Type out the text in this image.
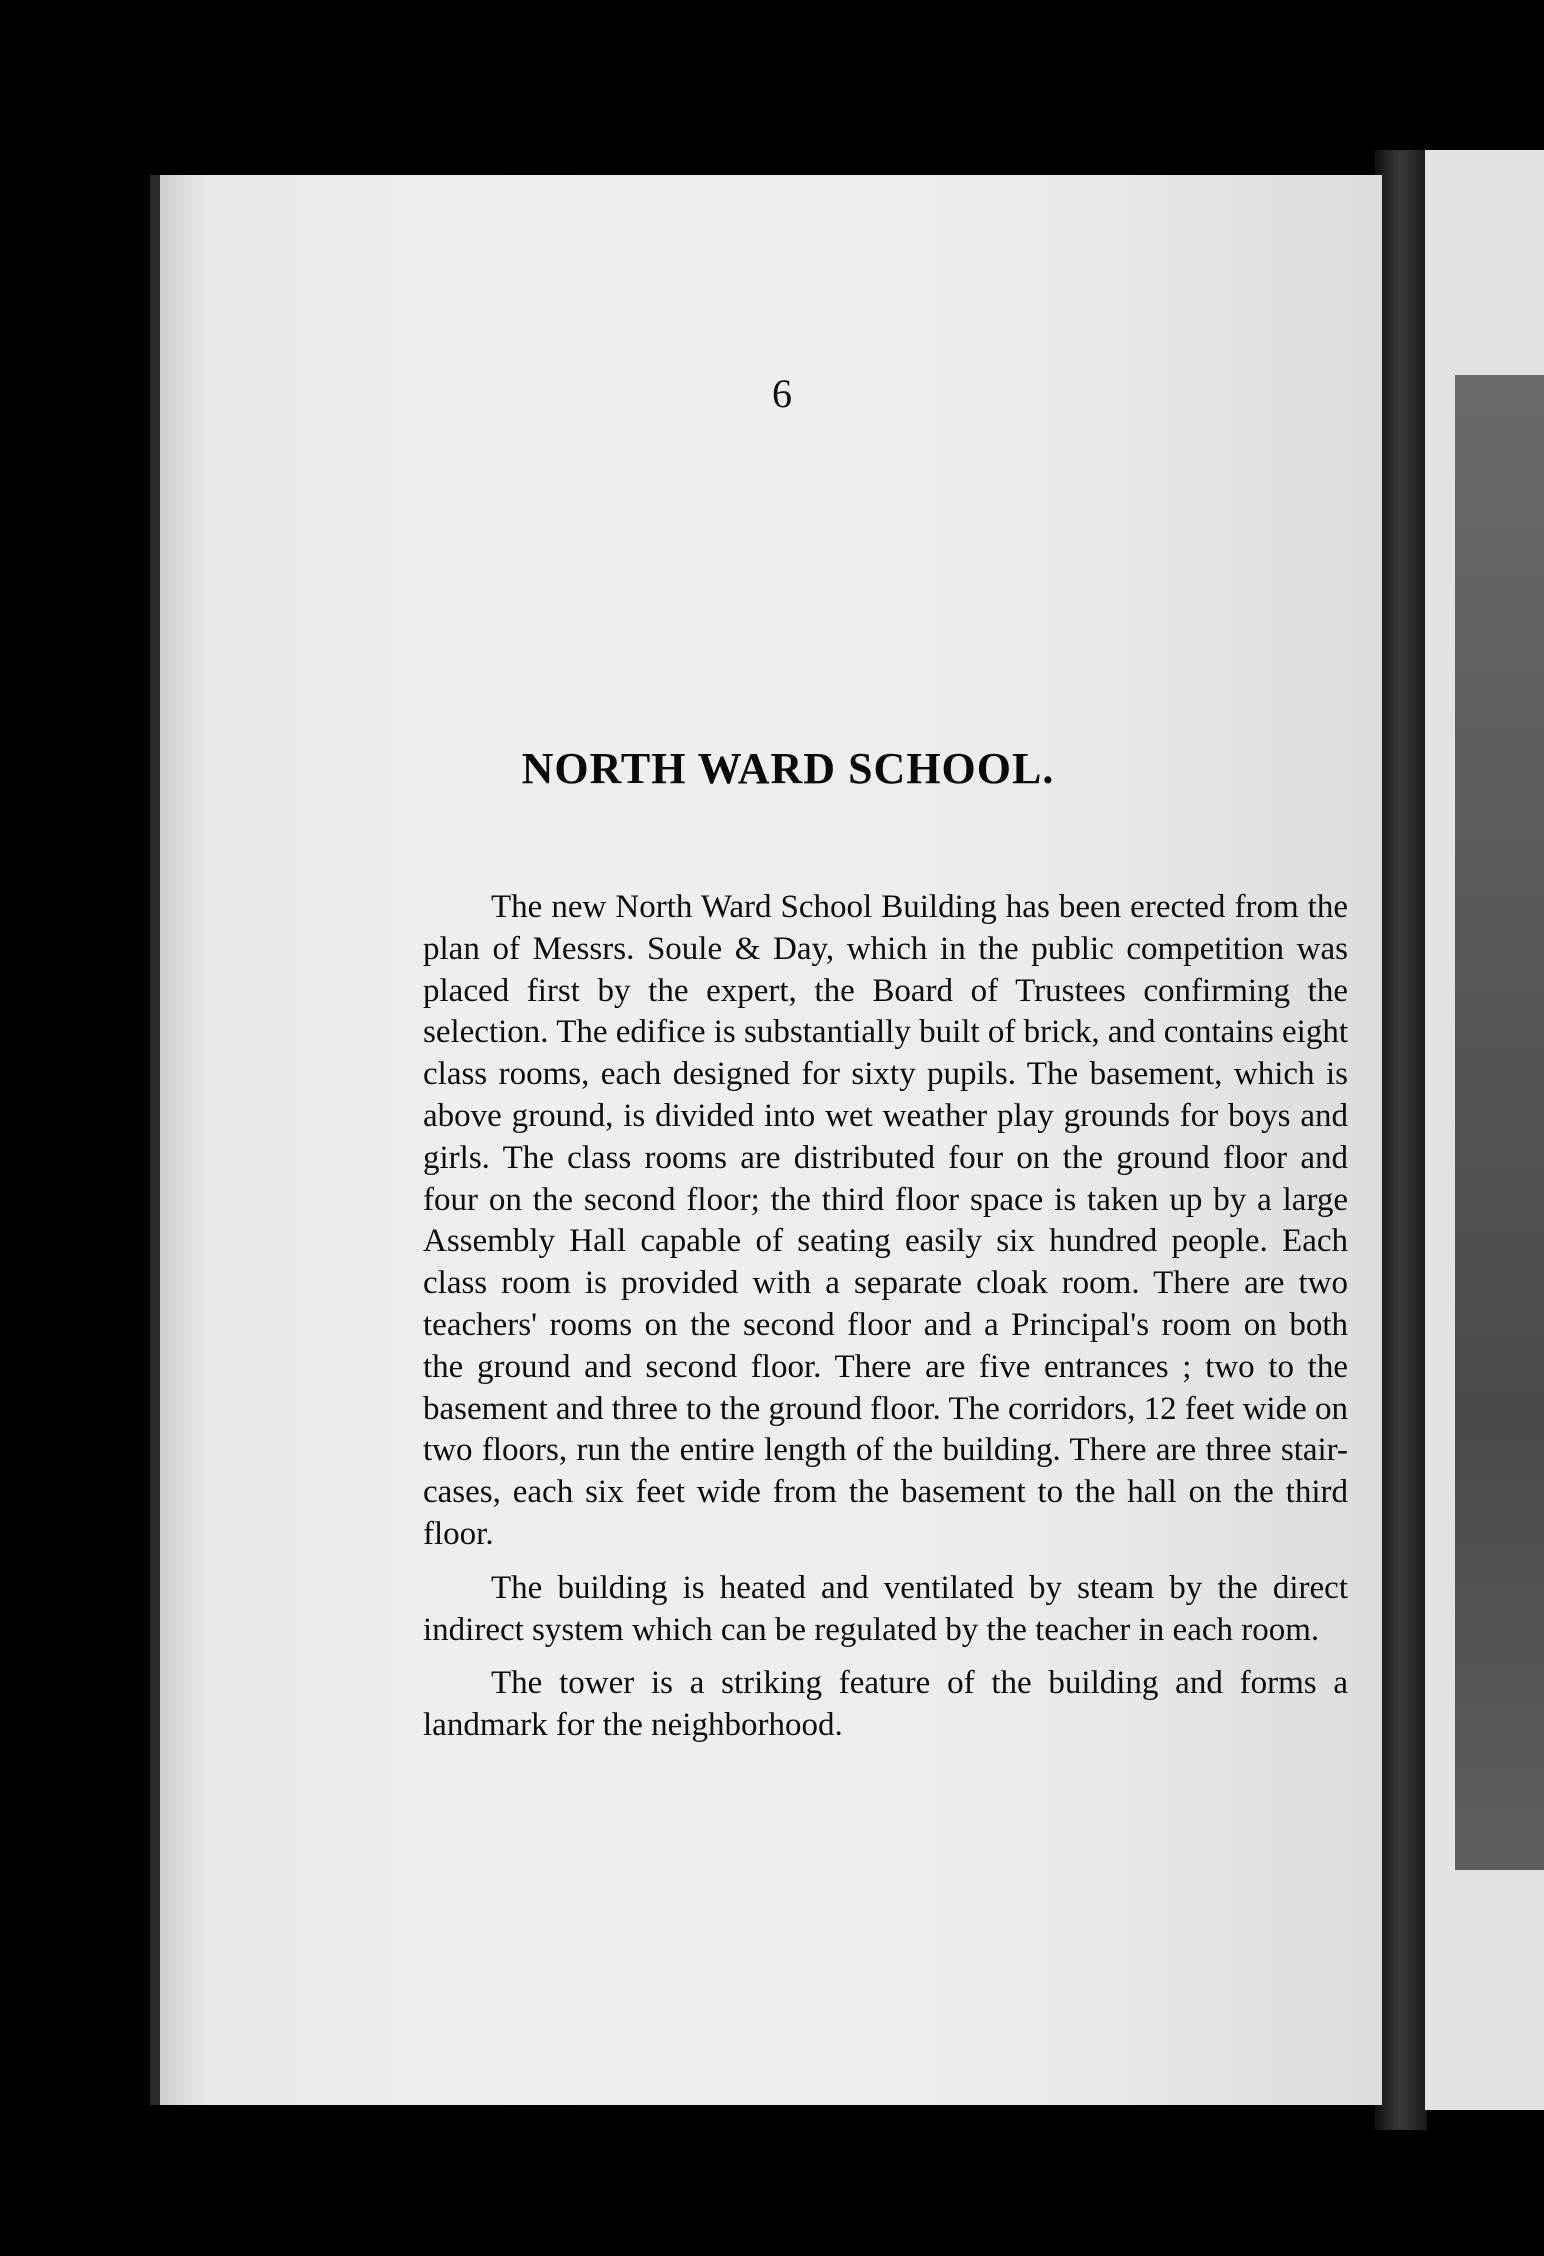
6
NORTH WARD SCHOOL.

The new North Ward School Building has been erected from the plan of Messrs. Soule & Day, which in the public competition was placed first by the expert, the Board of Trustees confirming the selection. The edifice is substantially built of brick, and contains eight class rooms, each designed for sixty pupils. The basement, which is above ground, is divided into wet weather play grounds for boys and girls. The class rooms are distributed four on the ground floor and four on the second floor; the third floor space is taken up by a large Assembly Hall capable of seating easily six hundred people. Each class room is provided with a separate cloak room. There are two teachers' rooms on the second floor and a Principal's room on both the ground and second floor. There are five entrances ; two to the basement and three to the ground floor. The corridors, 12 feet wide on two floors, run the entire length of the building. There are three stair-cases, each six feet wide from the basement to the hall on the third floor.

The building is heated and ventilated by steam by the direct indirect system which can be regulated by the teacher in each room.

The tower is a striking feature of the building and forms a landmark for the neighborhood.
